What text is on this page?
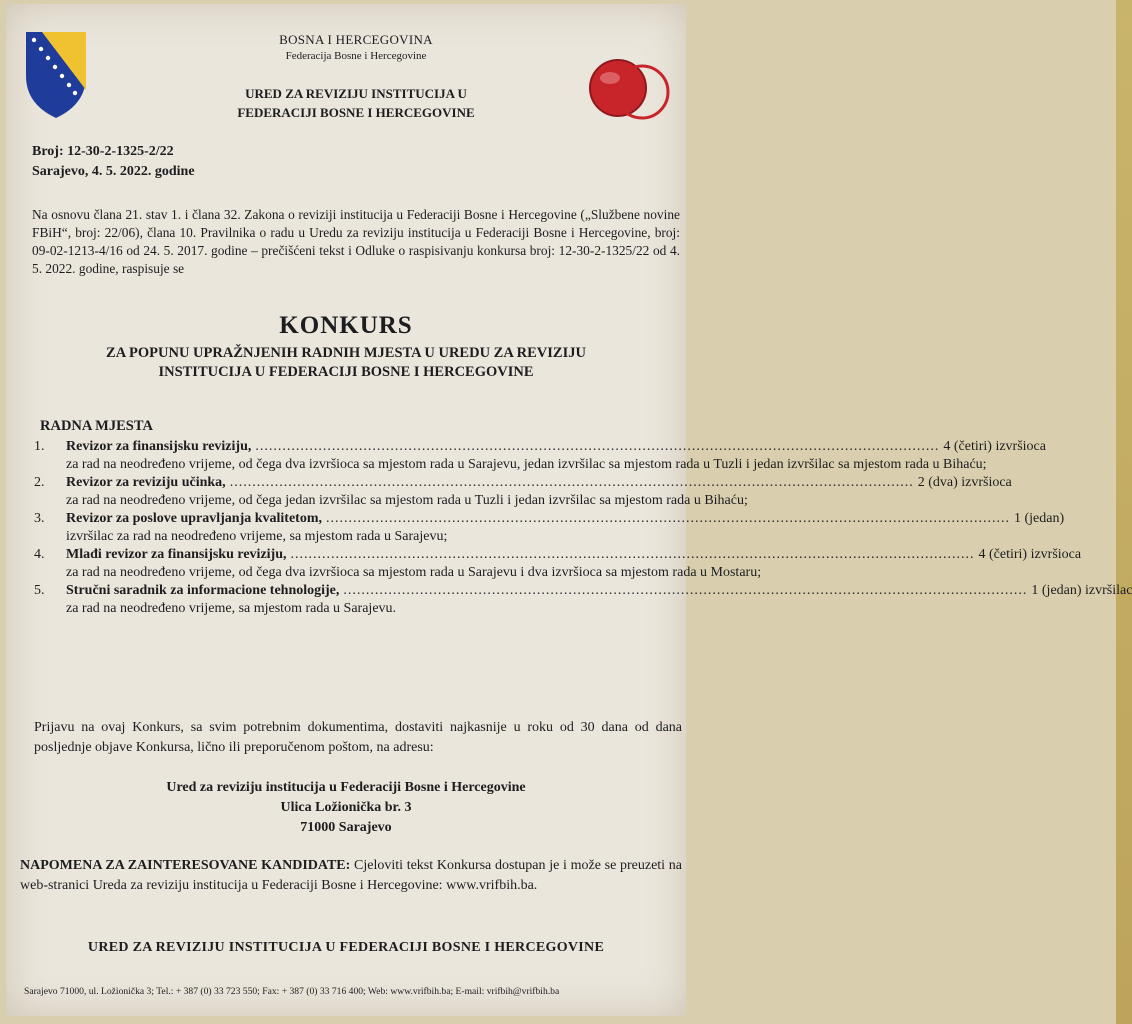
BOSNA I HERCEGOVINA
Federacija Bosne i Hercegovine
URED ZA REVIZIJU INSTITUCIJA U
FEDERACIJI BOSNE I HERCEGOVINE
Broj: 12-30-2-1325-2/22
Sarajevo, 4. 5. 2022. godine
Na osnovu člana 21. stav 1. i člana 32. Zakona o reviziji institucija u Federaciji Bosne i Hercegovine („Službene novine FBiH“, broj: 22/06), člana 10. Pravilnika o radu u Uredu za reviziju institucija u Federaciji Bosne i Hercegovine, broj: 09-02-1213-4/16 od 24. 5. 2017. godine – prečišćeni tekst i Odluke o raspisivanju konkursa broj: 12-30-2-1325/22 od 4. 5. 2022. godine, raspisuje se
KONKURS
ZA POPUNU UPRAŽNJENIH RADNIH MJESTA U UREDU ZA REVIZIJU
INSTITUCIJA U FEDERACIJI BOSNE I HERCEGOVINE
RADNA MJESTA
1.	Revizor za finansijsku reviziju, .....	4 (četiri) izvršioca
za rad na neodređeno vrijeme, od čega dva izvršioca sa mjestom rada u Sarajevu, jedan izvršilac sa mjestom rada u Tuzli i jedan izvršilac sa mjestom rada u Bihaću;
2.	Revizor za reviziju učinka, .....	2 (dva) izvršioca
za rad na neodređeno vrijeme, od čega jedan izvršilac sa mjestom rada u Tuzli i jedan izvršilac sa mjestom rada u Bihaću;
3.	Revizor za poslove upravljanja kvalitetom, .....	1 (jedan)
izvršilac za rad na neodređeno vrijeme, sa mjestom rada u Sarajevu;
4.	Mlađi revizor za finansijsku reviziju, .....	4 (četiri) izvršioca
za rad na neodređeno vrijeme, od čega dva izvršioca sa mjestom rada u Sarajevu i dva izvršioca sa mjestom rada u Mostaru;
5.	Stručni saradnik za informacione tehnologije, .....	1 (jedan) izvršilac
za rad na neodređeno vrijeme, sa mjestom rada u Sarajevu.
Prijavu na ovaj Konkurs, sa svim potrebnim dokumentima, dostaviti najkasnije u roku od 30 dana od dana posljednje objave Konkursa, lično ili preporučenom poštom, na adresu:
Ured za reviziju institucija u Federaciji Bosne i Hercegovine
Ulica Ložionička br. 3
71000 Sarajevo
NAPOMENA ZA ZAINTERESOVANE KANDIDATE: Cjeloviti tekst Konkursa dostupan je i može se preuzeti na web-stranici Ureda za reviziju institucija u Federaciji Bosne i Hercegovine: www.vrifbih.ba.
URED ZA REVIZIJU INSTITUCIJA U FEDERACIJI BOSNE I HERCEGOVINE
Sarajevo 71000, ul. Ložionička 3; Tel.: + 387 (0) 33 723 550; Fax: + 387 (0) 33 716 400; Web: www.vrifbih.ba; E-mail: vrifbih@vrifbih.ba
